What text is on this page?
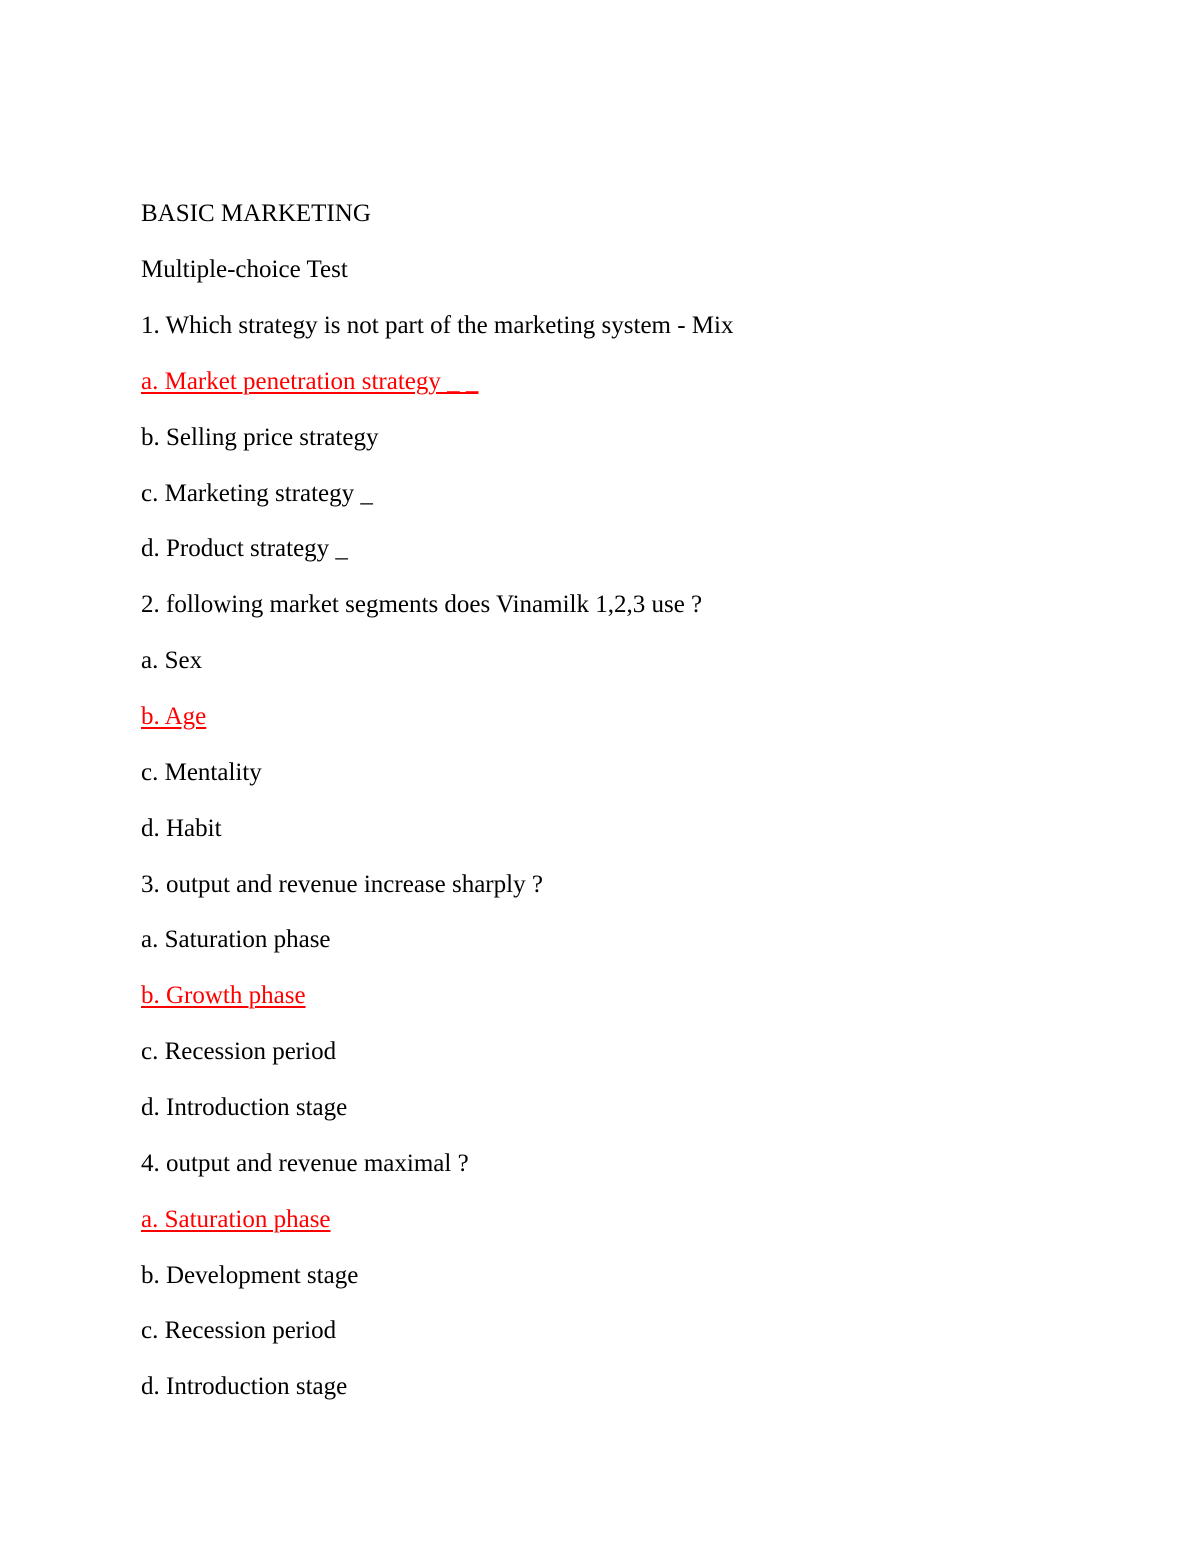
BASIC MARKETING

Multiple-choice Test

1. Which strategy is not part of the marketing system - Mix

a. Market penetration strategy _ _

b. Selling price strategy

c. Marketing strategy _

d. Product strategy _

2. following market segments does Vinamilk 1,2,3 use ?

a. Sex

b. Age

c. Mentality

d. Habit

3. output and revenue increase sharply ?

a. Saturation phase

b. Growth phase

c. Recession period

d. Introduction stage

4. output and revenue maximal ?

a. Saturation phase

b. Development stage

c. Recession period

d. Introduction stage
